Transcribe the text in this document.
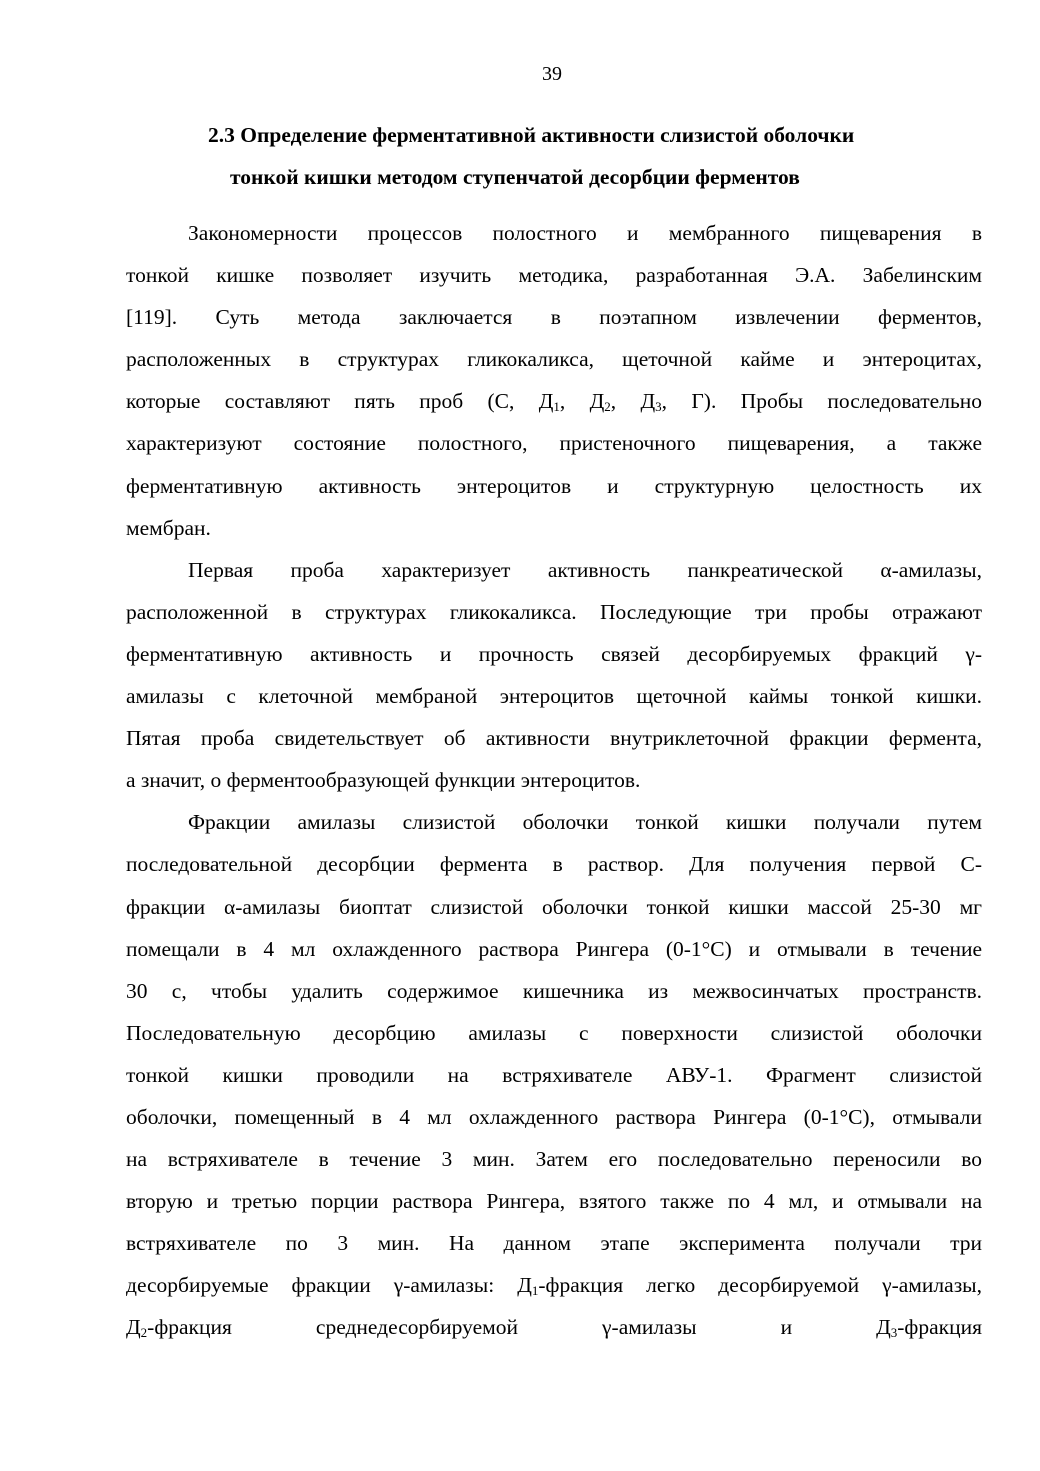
39
2.3 Определение ферментативной активности слизистой оболочки
тонкой кишки методом ступенчатой десорбции ферментов
Закономерности процессов полостного и мембранного пищеварения в
тонкой кишке позволяет изучить методика, разработанная Э.А. Забелинским
[119]. Суть метода заключается в поэтапном извлечении ферментов,
расположенных в структурах гликокаликса, щеточной кайме и энтероцитах,
которые составляют пять проб (С, $Д_1$, $Д_2$, $Д_3$, Г). Пробы последовательно
характеризуют состояние полостного, пристеночного пищеварения, а также
ферментативную активность энтероцитов и структурную целостность их
мембран.
Первая проба характеризует активность панкреатической α-амилазы,
расположенной в структурах гликокаликса. Последующие три пробы отражают
ферментативную активность и прочность связей десорбируемых фракций γ-
амилазы с клеточной мембраной энтероцитов щеточной каймы тонкой кишки.
Пятая проба свидетельствует об активности внутриклеточной фракции фермента,
а значит, о ферментообразующей функции энтероцитов.
Фракции амилазы слизистой оболочки тонкой кишки получали путем
последовательной десорбции фермента в раствор. Для получения первой С-
фракции α-амилазы биоптат слизистой оболочки тонкой кишки массой 25-30 мг
помещали в 4 мл охлажденного раствора Рингера (0-1°С) и отмывали в течение
30 с, чтобы удалить содержимое кишечника из межвосинчатых пространств.
Последовательную десорбцию амилазы с поверхности слизистой оболочки
тонкой кишки проводили на встряхивателе АВУ-1. Фрагмент слизистой
оболочки, помещенный в 4 мл охлажденного раствора Рингера (0-1°С), отмывали
на встряхивателе в течение 3 мин. Затем его последовательно переносили во
вторую и третью порции раствора Рингера, взятого также по 4 мл, и отмывали на
встряхивателе по 3 мин. На данном этапе эксперимента получали три
десорбируемые фракции γ-амилазы: $Д_1$-фракция легко десорбируемой γ-амилазы,
$Д_2$-фракция среднедесорбируемой γ-амилазы и $Д_3$-фракция
